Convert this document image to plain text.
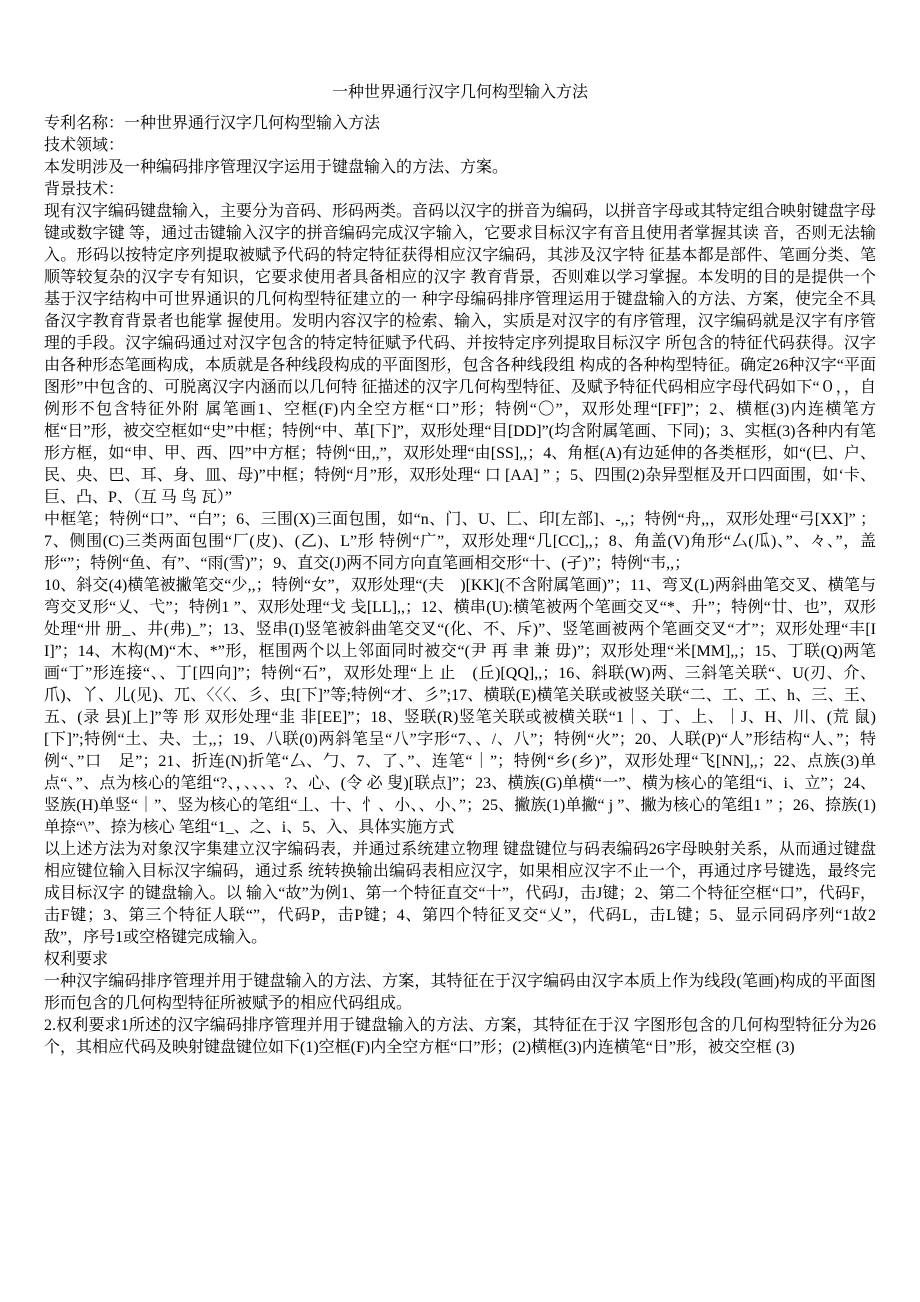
一种世界通行汉字几何构型输入方法

专利名称：一种世界通行汉字几何构型输入方法

技术领域：

本发明涉及一种编码排序管理汉字运用于键盘输入的方法、方案。

背景技术：

现有汉字编码键盘输入，主要分为音码、形码两类。音码以汉字的拼音为编码，以拼音字母或其特定组合映射键盘字母键或数字键 等，通过击键输入汉字的拼音编码完成汉字输入，它要求目标汉字有音且使用者掌握其读 音，否则无法输入。形码以按特定序列提取被赋予代码的特定特征获得相应汉字编码，其涉及汉字特 征基本都是部件、笔画分类、笔顺等较复杂的汉字专有知识，它要求使用者具备相应的汉字 教育背景，否则难以学习掌握。本发明的目的是提供一个基于汉字结构中可世界通识的几何构型特征建立的一 种字母编码排序管理运用于键盘输入的方法、方案，使完全不具备汉字教育背景者也能掌 握使用。发明内容汉字的检索、输入，实质是对汉字的有序管理，汉字编码就是汉字有序管理的手段。汉字编码通过对汉字包含的特定特征赋予代码、并按特定序列提取目标汉字 所包含的特征代码获得。汉字由各种形态笔画构成，本质就是各种线段构成的平面图形，包含各种线段组 构成的各种构型特征。确定26种汉字“平面图形”中包含的、可脱离汉字内涵而以几何特 征描述的汉字几何构型特征、及赋予特征代码相应字母代码如下“０，，自例形不包含特征外附 属笔画1、空框(F)内全空方框“口”形；特例“〇”，双形处理“[FF]”；2、横框(3)内连横笔方框“日”形，被交空框如“史”中框；特例“中、革[下]”，双形处理“目[DD]”(均含附属笔画、下同)；3、实框(3)各种内有笔形方框，如“申、甲、西、四”中方框；特例“田,,”，双形处理“由[SS],,；4、角框(A)有边延伸的各类框形，如“(巳、户、民、央、巴、耳、身、皿、母)”中框；特例“月”形，双形处理“ 口 [AA] ” ；5、四围(2)杂异型框及开口四面围，如‘卡、巨、凸、P、（互 马 鸟 瓦）”

中框笔；特例“口”、“白”；6、三围(X)三面包围，如“n、门、U、匚、印[左部]、-,,；特例“舟,,，双形处理“弓[XX]” ；7、侧围(C)三类两面包围“厂(皮)、(乙)、L”形 特例“广”，双形处理“几[CC],,；8、角盖(V)角形“厶(瓜)、”、々、”，盖形“”；特例“鱼、有”、“雨(雪)”；9、直交(J)两不同方向直笔画相交形“十、(孑)”；特例“韦,,；

10、斜交(4)横笔被撇笔交“少,,；特例“女”，双形处理“(夫　)[KK](不含附属笔画)”；11、弯叉(L)两斜曲笔交叉、横笔与弯交叉形“乂、弋”；特例1 ”、双形处理“戈 戋[LL],,；12、横串(U):横笔被两个笔画交叉“*、升”；特例“廿、也”，双形处理“卅 册_、井(弗)_”；13、竖串(I)竖笔被斜曲笔交叉“(化、不、斥)”、竖笔画被两个笔画交叉“才”；双形处理“丰[II]”；14、木构(M)“木、*”形，框围两个以上邻面同时被交“(尹 再 聿 兼 毋)”；双形处理“米[MM],,；15、丁联(Q)两笔画“丁”形连接“、、丁[四向]”；特例“石”，双形处理“上 止　(丘)[QQ],,；16、斜联(W)两、三斜笔关联“、U(刃、介、爪)、丫、儿(见)、兀、〈〈〈、彡、虫[下]”等;特例“才、彡”;17、横联(E)横笔关联或被竖关联“二、工、工、h、三、王、五、(录 县)[上]”等 形 双形处理“韭 非[EE]”；18、竖联(R)竖笔关联或被横关联“1｜、丁、上、｜J、H、川、(荒 鼠)[下]”;特例“土、夬、士,,；19、八联(0)两斜笔呈“八”字形“7、、/、八”；特例“火”；20、人联(P)“人”形结构“人、”；特例“、”口　足”；21、折连(N)折笔“厶、勹、7、了、”、连笔“｜”；特例“乡(乡)”，双形处理“飞[NN],,；22、点族(3)单点“、”、点为核心的笔组“?、，、、、、?、心、(令 必 叟)[联点]”；23、横族(G)单横“一”、横为核心的笔组“i、i、立”；24、竖族(H)单竖“｜”、竖为核心的笔组“丄、十、忄、小、、小、”；25、撇族(1)单撇“ j ”、撇为核心的笔组1 ” ；26、捺族(1)单捺“\”、捺为核心 笔组“1_、之、i、5、入、具体实施方式

以上述方法为对象汉字集建立汉字编码表，并通过系统建立物理 键盘键位与码表编码26字母映射关系，从而通过键盘相应键位输入目标汉字编码，通过系 统转换输出编码表相应汉字，如果相应汉字不止一个，再通过序号键选，最终完成目标汉字 的键盘输入。以 输入“故”为例1、第一个特征直交“十”，代码J，击J键；2、第二个特征空框“口”，代码F，击F键；3、第三个特征人联“”，代码P，击P键；4、第四个特征叉交“乂”，代码L，击L键；5、显示同码序列“1故2敌”，序号1或空格键完成输入。

权利要求

一种汉字编码排序管理并用于键盘输入的方法、方案，其特征在于汉字编码由汉字本质上作为线段(笔画)构成的平面图形而包含的几何构型特征所被赋予的相应代码组成。

2.权利要求1所述的汉字编码排序管理并用于键盘输入的方法、方案，其特征在于汉 字图形包含的几何构型特征分为26 个，其相应代码及映射键盘键位如下(1)空框(F)内全空方框“口”形；(2)横框(3)内连横笔“日”形，被交空框 (3)
